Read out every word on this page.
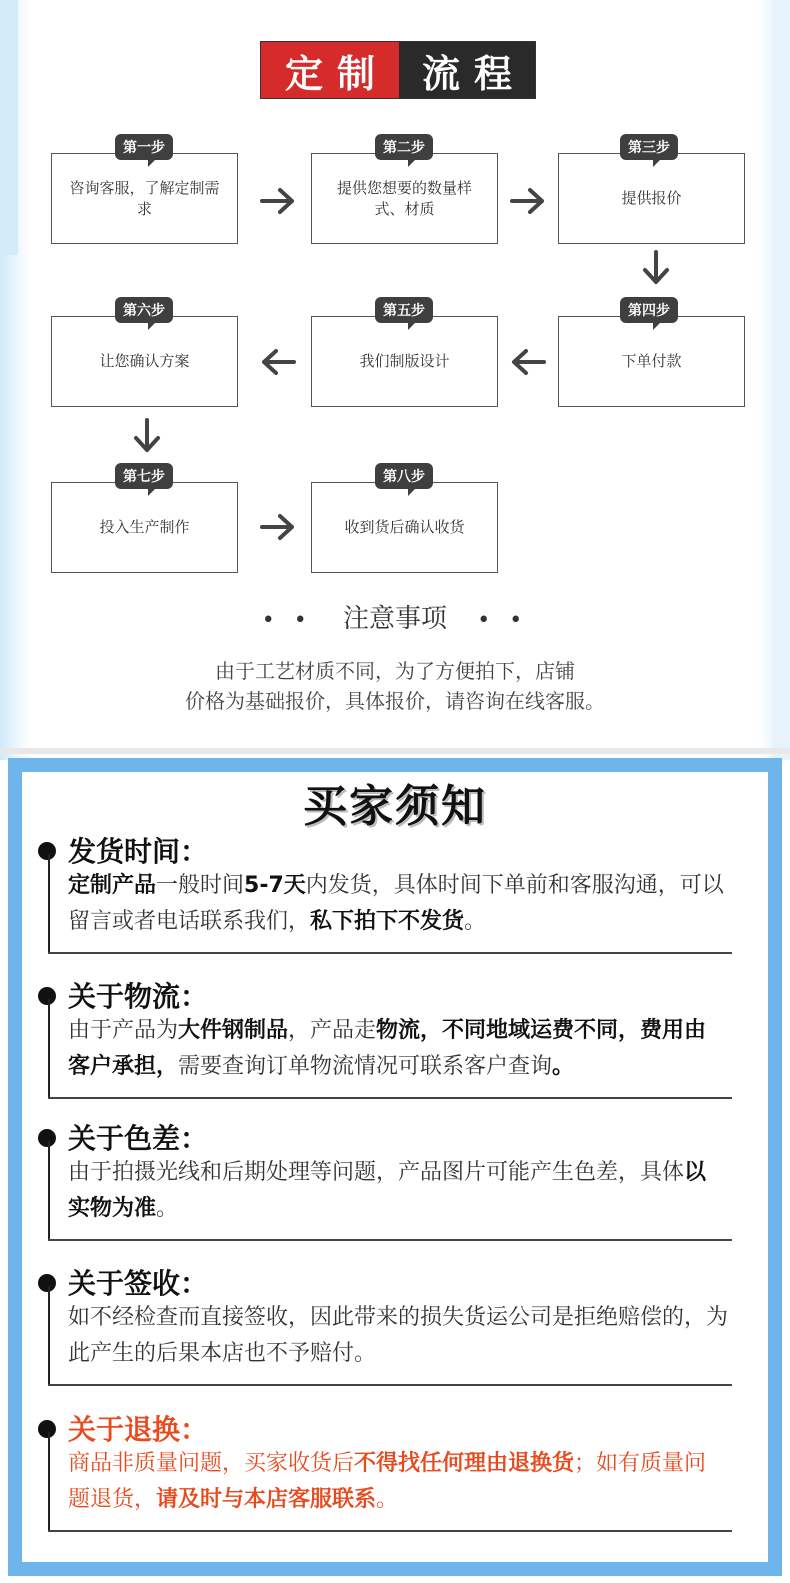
定制 流程
咨询客服，了解定制需求
第一步
提供您想要的数量样式、材质
第二步
提供报价
第三步
下单付款
第四步
我们制版设计
第五步
让您确认方案
第六步
投入生产制作
第七步
收到货后确认收货
第八步
• • 注意事项 • •
由于工艺材质不同，为了方便拍下，店铺
价格为基础报价，具体报价，请咨询在线客服。
买家须知
发货时间：
定制产品一般时间5-7天内发货，具体时间下单前和客服沟通，可以留言或者电话联系我们，私下拍下不发货。
关于物流：
由于产品为大件钢制品，产品走物流，不同地域运费不同，费用由客户承担，需要查询订单物流情况可联系客户查询。
关于色差：
由于拍摄光线和后期处理等问题，产品图片可能产生色差，具体以实物为准。
关于签收：
如不经检查而直接签收，因此带来的损失货运公司是拒绝赔偿的，为此产生的后果本店也不予赔付。
关于退换：
商品非质量问题，买家收货后不得找任何理由退换货；如有质量问题退货，请及时与本店客服联系。
